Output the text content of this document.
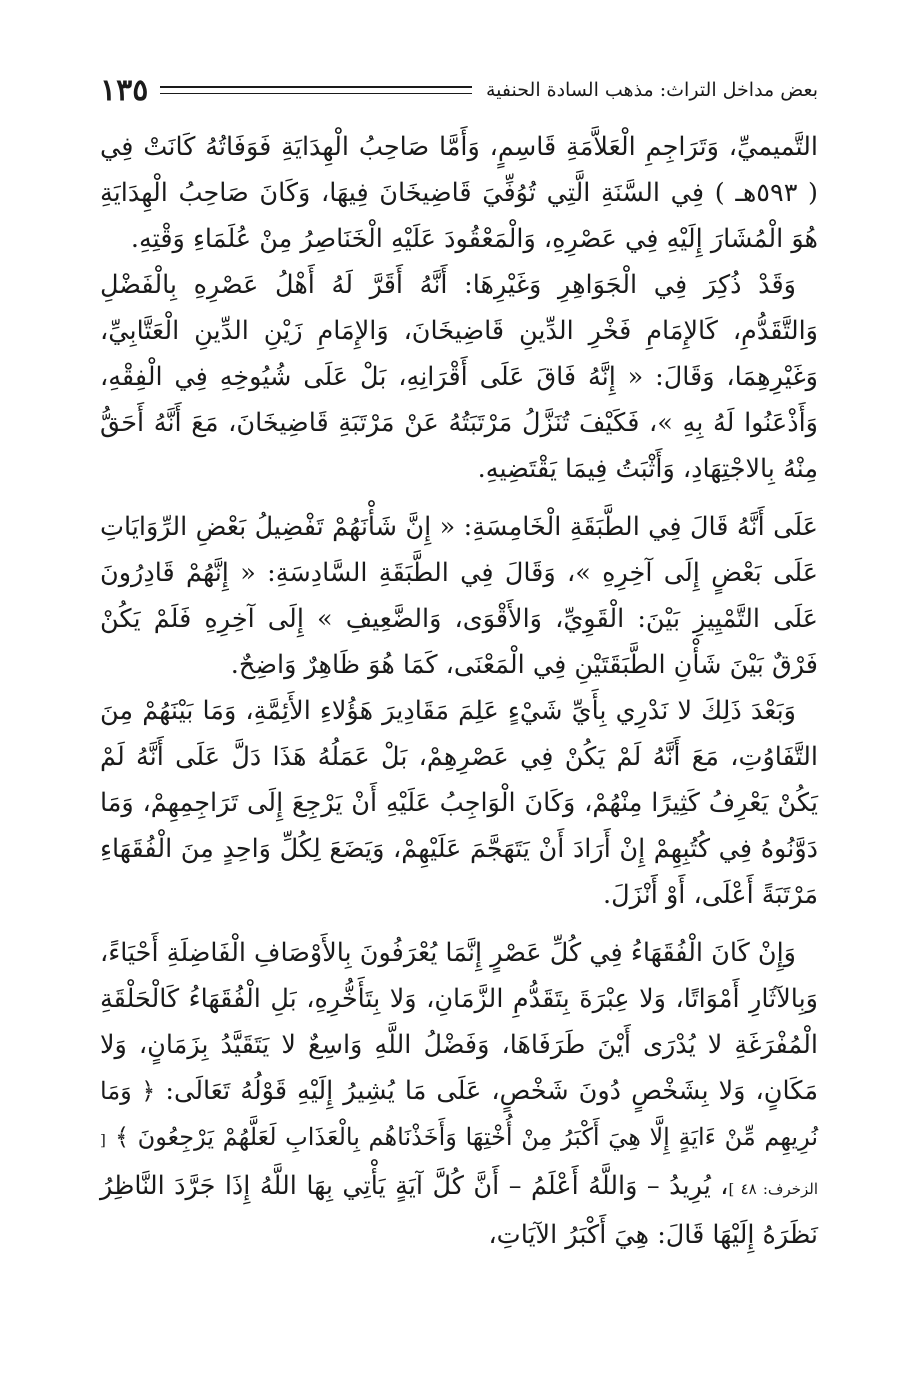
بعض مداخل التراث: مذهب السادة الحنفية
١٣٥

التَّميميِّ، وَتَرَاجِمِ الْعَلاَّمَةِ قَاسِمٍ، وَأَمَّا صَاحِبُ الْهِدَايَةِ فَوَفَاتُهُ كَانَتْ فِي ( ٥٩٣هـ ) فِي السَّنَةِ الَّتِي تُوُفِّيَ قَاضِيخَانَ فِيهَا، وَكَانَ صَاحِبُ الْهِدَايَةِ هُوَ الْمُشَارَ إِلَيْهِ فِي عَصْرِهِ، وَالْمَعْقُودَ عَلَيْهِ الْخَنَاصِرُ مِنْ عُلَمَاءِ وَقْتِهِ.

وَقَدْ ذُكِرَ فِي الْجَوَاهِرِ وَغَيْرِهَا: أَنَّهُ أَقَرَّ لَهُ أَهْلُ عَصْرِهِ بِالْفَضْلِ وَالتَّقَدُّمِ، كَالإِمَامِ فَخْرِ الدِّينِ قَاضِيخَانَ، وَالإِمَامِ زَيْنِ الدِّينِ الْعَتَّابِيِّ، وَغَيْرِهِمَا، وَقَالَ: « إِنَّهُ فَاقَ عَلَى أَقْرَانِهِ، بَلْ عَلَى شُيُوخِهِ فِي الْفِقْهِ، وَأَذْعَنُوا لَهُ بِهِ »، فَكَيْفَ تُنَزَّلُ مَرْتَبَتُهُ عَنْ مَرْتَبَةِ قَاضِيخَانَ، مَعَ أَنَّهُ أَحَقُّ مِنْهُ بِالاجْتِهَادِ، وَأَثْبَتُ فِيمَا يَقْتَضِيهِ.

عَلَى أَنَّهُ قَالَ فِي الطَّبَقَةِ الْخَامِسَةِ: « إِنَّ شَأْنَهُمْ تَفْضِيلُ بَعْضِ الرِّوَايَاتِ عَلَى بَعْضٍ إِلَى آخِرِهِ »، وَقَالَ فِي الطَّبَقَةِ السَّادِسَةِ: « إِنَّهُمْ قَادِرُونَ عَلَى التَّمْيِيزِ بَيْنَ: الْقَوِيِّ، وَالأَقْوَى، وَالضَّعِيفِ » إِلَى آخِرِهِ فَلَمْ يَكُنْ فَرْقٌ بَيْنَ شَأْنِ الطَّبَقَتَيْنِ فِي الْمَعْنَى، كَمَا هُوَ ظَاهِرٌ وَاضِحٌ.

وَبَعْدَ ذَلِكَ لا نَدْرِي بِأَيِّ شَيْءٍ عَلِمَ مَقَادِيرَ هَؤُلاءِ الأَئِمَّةِ، وَمَا بَيْنَهُمْ مِنَ التَّفَاوُتِ، مَعَ أَنَّهُ لَمْ يَكُنْ فِي عَصْرِهِمْ، بَلْ عَمَلُهُ هَذَا دَلَّ عَلَى أَنَّهُ لَمْ يَكُنْ يَعْرِفُ كَثِيرًا مِنْهُمْ، وَكَانَ الْوَاجِبُ عَلَيْهِ أَنْ يَرْجِعَ إِلَى تَرَاجِمِهِمْ، وَمَا دَوَّنُوهُ فِي كُتُبِهِمْ إِنْ أَرَادَ أَنْ يَتَهَجَّمَ عَلَيْهِمْ، وَيَضَعَ لِكُلِّ وَاحِدٍ مِنَ الْفُقَهَاءِ مَرْتَبَةً أَعْلَى، أَوْ أَنْزَلَ.

وَإِنْ كَانَ الْفُقَهَاءُ فِي كُلِّ عَصْرٍ إِنَّمَا يُعْرَفُونَ بِالأَوْصَافِ الْفَاضِلَةِ أَحْيَاءً، وَبِالآثَارِ أَمْوَاتًا، وَلا عِبْرَةَ بِتَقَدُّمِ الزَّمَانِ، وَلا بِتَأَخُّرِهِ، بَلِ الْفُقَهَاءُ كَالْحَلْقَةِ الْمُفْرَغَةِ لا يُدْرَى أَيْنَ طَرَفَاهَا، وَفَضْلُ اللَّهِ وَاسِعٌ لا يَتَقَيَّدُ بِزَمَانٍ، وَلا مَكَانٍ، وَلا بِشَخْصٍ دُونَ شَخْصٍ، عَلَى مَا يُشِيرُ إِلَيْهِ قَوْلُهُ تَعَالَى: ﴿ وَمَا نُرِيهِم مِّنْ ءَايَةٍ إِلَّا هِيَ أَكْبَرُ مِنْ أُخْتِهَا وَأَخَذْنَاهُم بِالْعَذَابِ لَعَلَّهُمْ يَرْجِعُونَ ﴾ [ الزخرف: ٤٨ ]، يُرِيدُ – وَاللَّهُ أَعْلَمُ – أَنَّ كُلَّ آيَةٍ يَأْتِي بِهَا اللَّهُ إِذَا جَرَّدَ النَّاظِرُ نَظَرَهُ إِلَيْهَا قَالَ: هِيَ أَكْبَرُ الآيَاتِ،
